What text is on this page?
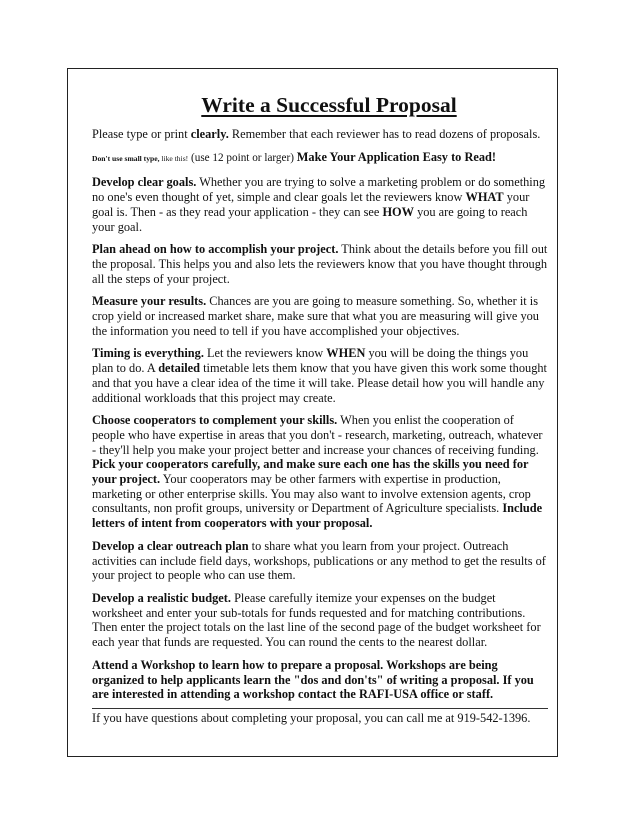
Write a Successful Proposal

Please type or print clearly. Remember that each reviewer has to read dozens of proposals.

Don't use small type, like this! (use 12 point or larger) Make Your Application Easy to Read!

Develop clear goals. Whether you are trying to solve a marketing problem or do something no one's even thought of yet, simple and clear goals let the reviewers know WHAT your goal is. Then - as they read your application - they can see HOW you are going to reach your goal.

Plan ahead on how to accomplish your project. Think about the details before you fill out the proposal. This helps you and also lets the reviewers know that you have thought through all the steps of your project.

Measure your results. Chances are you are going to measure something. So, whether it is crop yield or increased market share, make sure that what you are measuring will give you the information you need to tell if you have accomplished your objectives.

Timing is everything. Let the reviewers know WHEN you will be doing the things you plan to do. A detailed timetable lets them know that you have given this work some thought and that you have a clear idea of the time it will take. Please detail how you will handle any additional workloads that this project may create.

Choose cooperators to complement your skills. When you enlist the cooperation of people who have expertise in areas that you don't - research, marketing, outreach, whatever - they'll help you make your project better and increase your chances of receiving funding. Pick your cooperators carefully, and make sure each one has the skills you need for your project. Your cooperators may be other farmers with expertise in production, marketing or other enterprise skills. You may also want to involve extension agents, crop consultants, non profit groups, university or Department of Agriculture specialists. Include letters of intent from cooperators with your proposal.

Develop a clear outreach plan to share what you learn from your project. Outreach activities can include field days, workshops, publications or any method to get the results of your project to people who can use them.

Develop a realistic budget. Please carefully itemize your expenses on the budget worksheet and enter your sub-totals for funds requested and for matching contributions. Then enter the project totals on the last line of the second page of the budget worksheet for each year that funds are requested. You can round the cents to the nearest dollar.

Attend a Workshop to learn how to prepare a proposal. Workshops are being organized to help applicants learn the "dos and don'ts" of writing a proposal. If you are interested in attending a workshop contact the RAFI-USA office or staff.

If you have questions about completing your proposal, you can call me at 919-542-1396.
